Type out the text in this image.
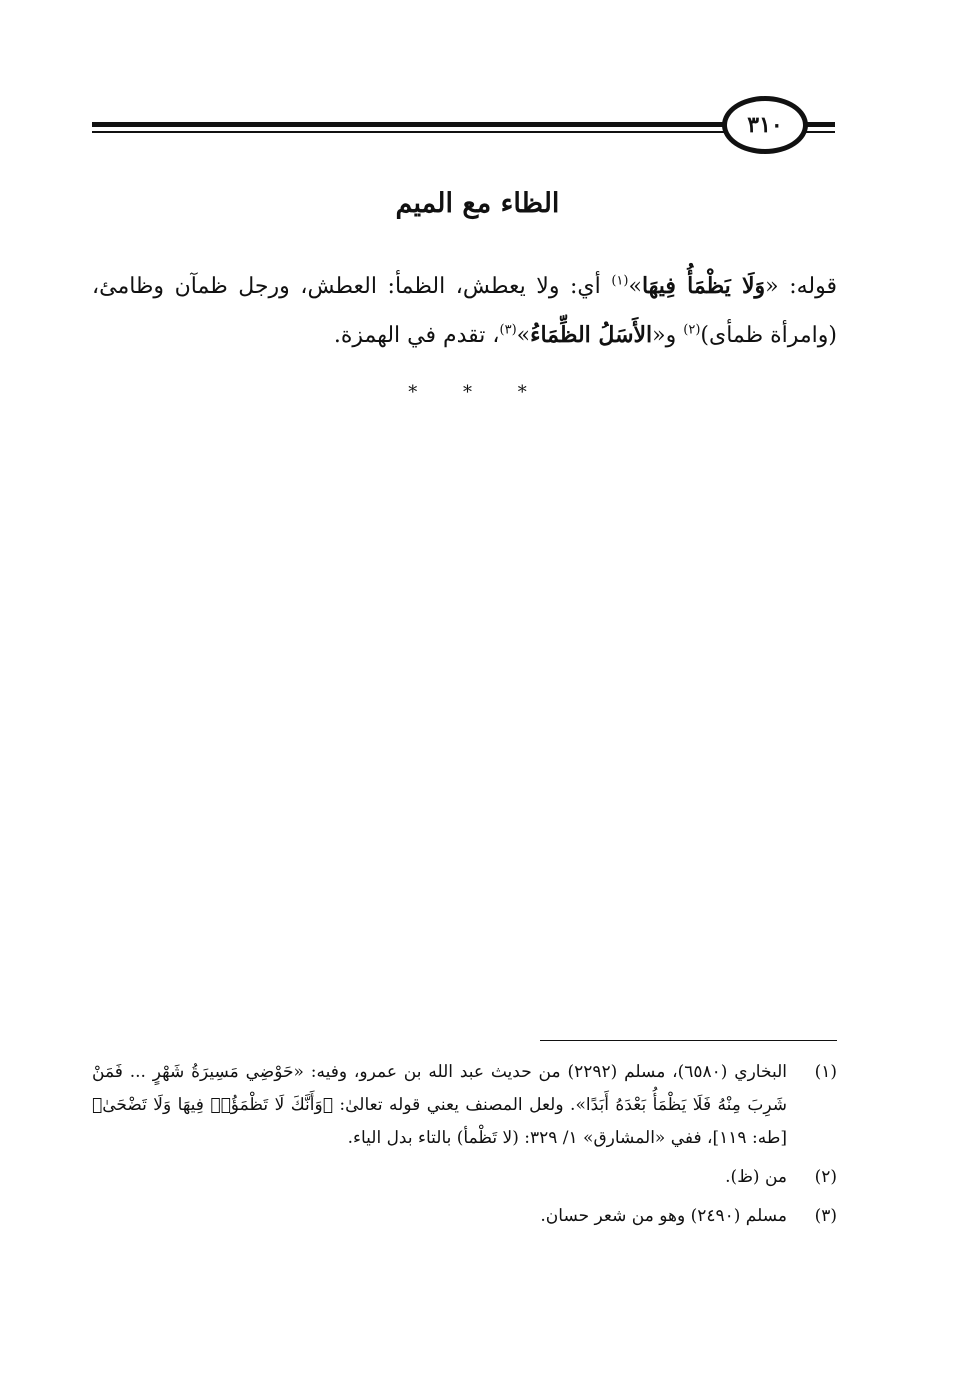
٣١٠
الظاء مع الميم
قوله: «وَلَا يَظْمَأُ فِيهَا»$^{(١)}$ أي: ولا يعطش، الظمأ: العطش، ورجل ظمآن وظامئ، (وامرأة ظمأى)$^{(٢)}$ و«الأَسَلُ الظِّمَاءُ»$^{(٣)}$، تقدم في الهمزة.
* * *
(١)
البخاري (٦٥٨٠)، مسلم (٢٢٩٢) من حديث عبد الله بن عمرو، وفيه: «حَوْضِي مَسِيرَةُ شَهْرٍ ... فَمَنْ شَرِبَ مِنْهُ فَلَا يَظْمَأُ بَعْدَهُ أَبَدًا». ولعل المصنف يعني قوله تعالىٰ: ﴿وَأَنَّكَ لَا تَظْمَؤُا۟ فِيهَا وَلَا تَضْحَىٰ﴾ [طه: ١١٩]، ففي «المشارق» ١/ ٣٢٩: (لا تَظْمأ) بالتاء بدل الياء.
(٢)
من (ظ).
(٣)
مسلم (٢٤٩٠) وهو من شعر حسان.
